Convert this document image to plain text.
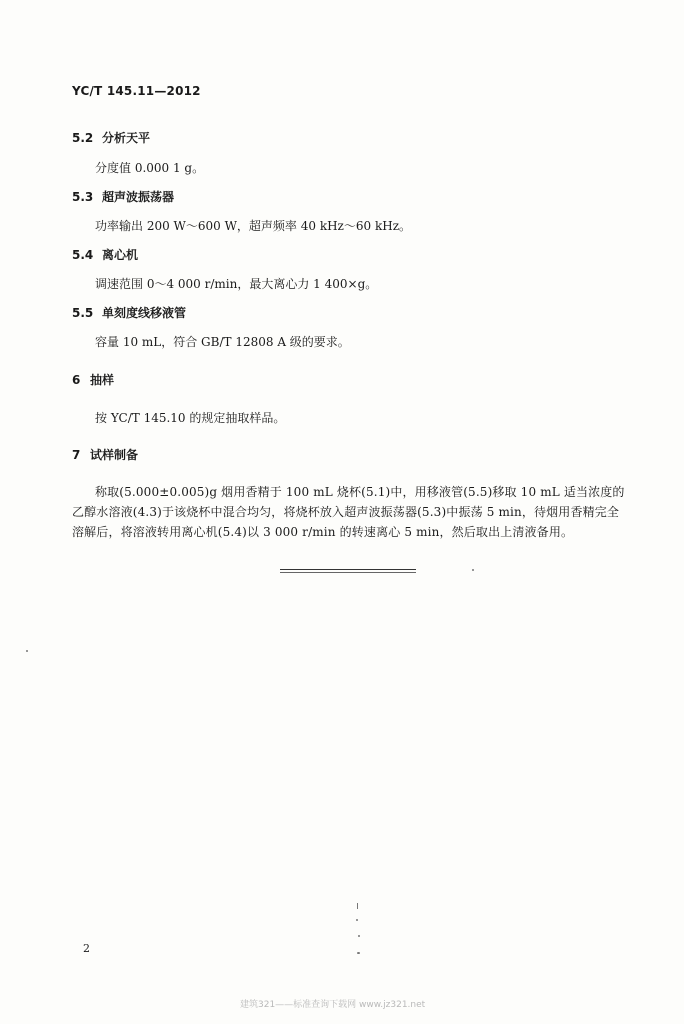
YC/T 145.11—2012
5.2 分析天平
分度值 0.000 1 g。
5.3 超声波振荡器
功率输出 200 W～600 W，超声频率 40 kHz～60 kHz。
5.4 离心机
调速范围 0～4 000 r/min，最大离心力 1 400×g。
5.5 单刻度线移液管
容量 10 mL，符合 GB/T 12808 A 级的要求。
6 抽样
按 YC/T 145.10 的规定抽取样品。
7 试样制备
称取(5.000±0.005)g 烟用香精于 100 mL 烧杯(5.1)中，用移液管(5.5)移取 10 mL 适当浓度的
乙醇水溶液(4.3)于该烧杯中混合均匀，将烧杯放入超声波振荡器(5.3)中振荡 5 min，待烟用香精完全
溶解后，将溶液转用离心机(5.4)以 3 000 r/min 的转速离心 5 min，然后取出上清液备用。
2
建筑321——标准查询下载网 www.jz321.net
